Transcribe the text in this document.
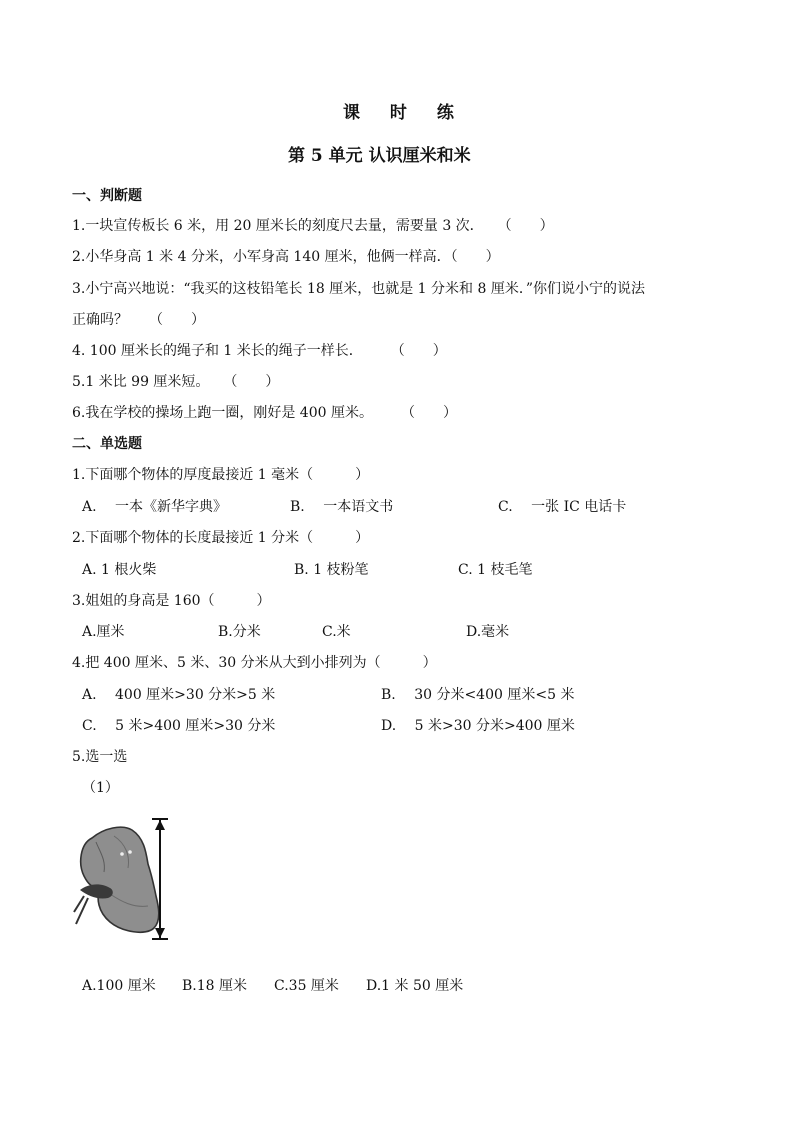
课 时 练
第 5 单元 认识厘米和米
一、判断题
1.一块宣传板长 6 米，用 20 厘米长的刻度尺去量，需要量 3 次．　　（　　）
2.小华身高 1 米 4 分米，小军身高 140 厘米，他俩一样高．（　　）
3.小宁高兴地说：“我买的这枝铅笔长 18 厘米，也就是 1 分米和 8 厘米．”你们说小宁的说法
正确吗？　　（　　）
4. 100 厘米长的绳子和 1 米长的绳子一样长．　　　（　　）
5.1 米比 99 厘米短。　　（　　）
6.我在学校的操场上跑一圈，刚好是 400 厘米。　　　（　　）
二、单选题
1.下面哪个物体的厚度最接近 1 毫米（　　　）
A.　 一本《新华字典》	B.　 一本语文书	C.　 一张 IC 电话卡
2.下面哪个物体的长度最接近 1 分米（　　　）
A. 1 根火柴	B. 1 枝粉笔	C. 1 枝毛笔
3.姐姐的身高是 160（　　　）
A.厘米	B.分米	C.米	D.毫米
4.把 400 厘米、5 米、30 分米从大到小排列为（　　　）
A.　 400 厘米>30 分米>5 米	B.　 30 分米<400 厘米<5 米
C.　 5 米>400 厘米>30 分米	D.　 5 米>30 分米>400 厘米
5.选一选
（1）
A.100 厘米 B.18 厘米 C.35 厘米 D.1 米 50 厘米
